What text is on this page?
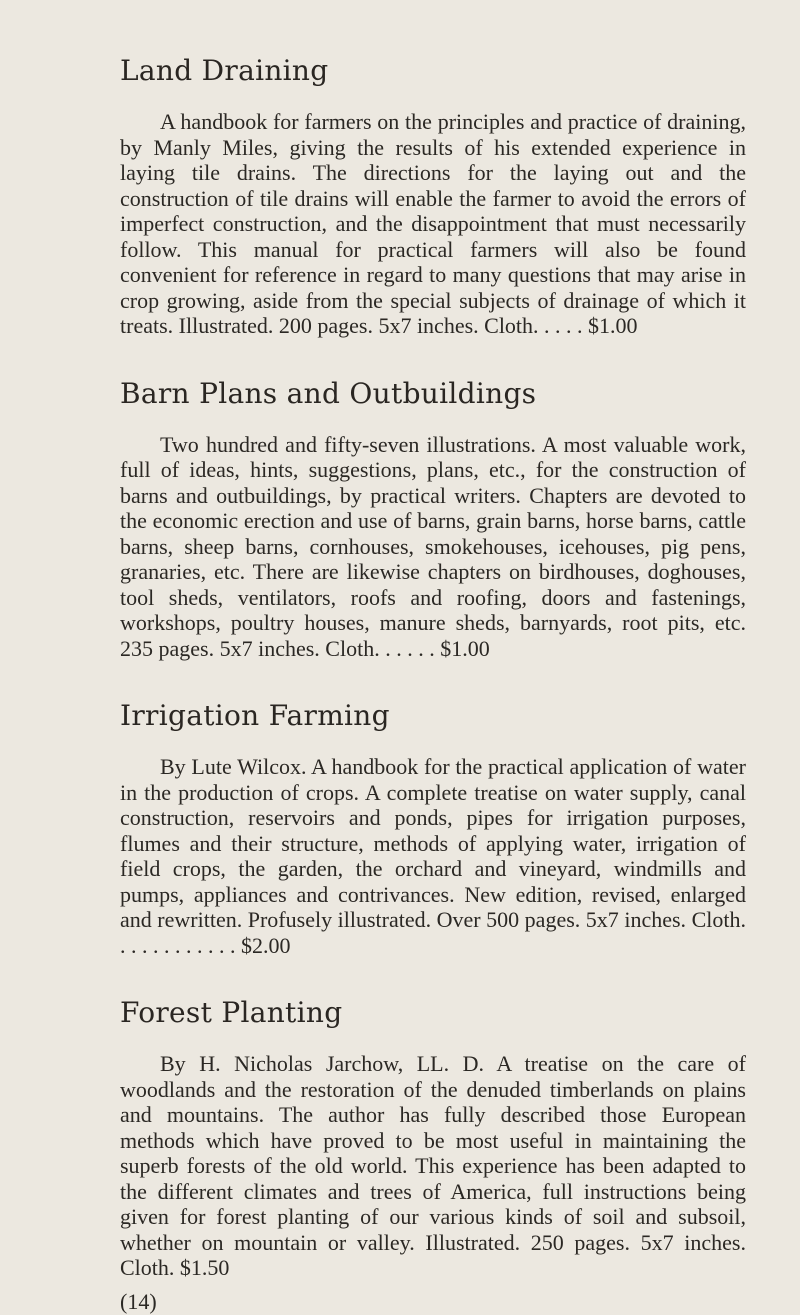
Land Draining

A handbook for farmers on the principles and practice of draining, by Manly Miles, giving the results of his extended experience in laying tile drains. The directions for the laying out and the construction of tile drains will enable the farmer to avoid the errors of imperfect construction, and the disappointment that must necessarily follow. This manual for practical farmers will also be found convenient for reference in regard to many questions that may arise in crop growing, aside from the special subjects of drainage of which it treats. Illustrated. 200 pages. 5x7 inches. Cloth. . . . . $1.00

Barn Plans and Outbuildings

Two hundred and fifty-seven illustrations. A most valuable work, full of ideas, hints, suggestions, plans, etc., for the construction of barns and outbuildings, by practical writers. Chapters are devoted to the economic erection and use of barns, grain barns, horse barns, cattle barns, sheep barns, cornhouses, smokehouses, icehouses, pig pens, granaries, etc. There are likewise chapters on birdhouses, doghouses, tool sheds, ventilators, roofs and roofing, doors and fastenings, workshops, poultry houses, manure sheds, barnyards, root pits, etc. 235 pages. 5x7 inches. Cloth. . . . . . $1.00

Irrigation Farming

By Lute Wilcox. A handbook for the practical application of water in the production of crops. A complete treatise on water supply, canal construction, reservoirs and ponds, pipes for irrigation purposes, flumes and their structure, methods of applying water, irrigation of field crops, the garden, the orchard and vineyard, windmills and pumps, appliances and contrivances. New edition, revised, enlarged and rewritten. Profusely illustrated. Over 500 pages. 5x7 inches. Cloth. . . . . . . . . . . . $2.00

Forest Planting

By H. Nicholas Jarchow, LL. D. A treatise on the care of woodlands and the restoration of the denuded timberlands on plains and mountains. The author has fully described those European methods which have proved to be most useful in maintaining the superb forests of the old world. This experience has been adapted to the different climates and trees of America, full instructions being given for forest planting of our various kinds of soil and subsoil, whether on mountain or valley. Illustrated. 250 pages. 5x7 inches. Cloth. $1.50

(14)
